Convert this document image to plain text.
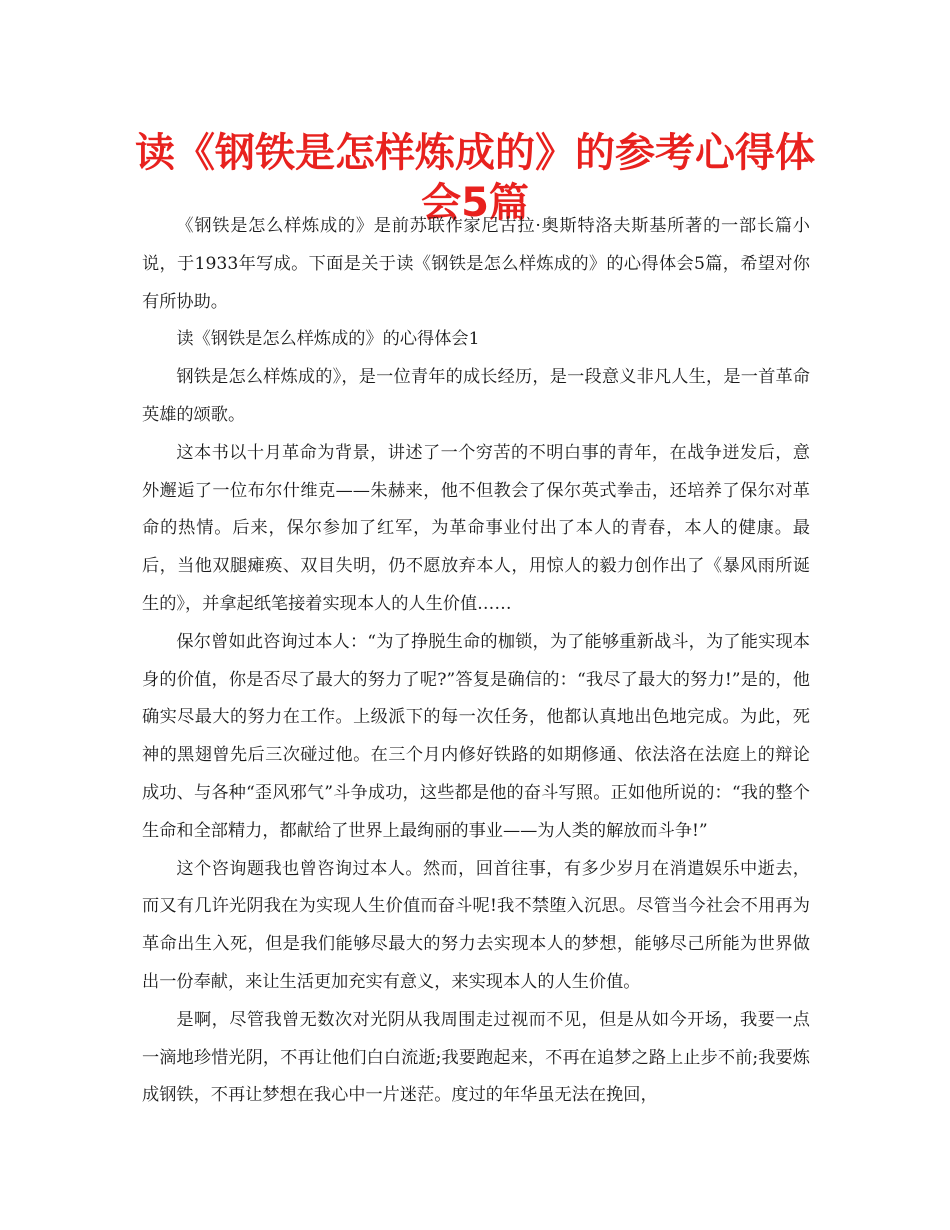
读《钢铁是怎样炼成的》的参考心得体会5篇

《钢铁是怎么样炼成的》是前苏联作家尼古拉·奥斯特洛夫斯基所著的一部长篇小说，于1933年写成。下面是关于读《钢铁是怎么样炼成的》的心得体会5篇，希望对你有所协助。

读《钢铁是怎么样炼成的》的心得体会1

钢铁是怎么样炼成的》，是一位青年的成长经历，是一段意义非凡人生，是一首革命英雄的颂歌。

这本书以十月革命为背景，讲述了一个穷苦的不明白事的青年，在战争迸发后，意外邂逅了一位布尔什维克——朱赫来，他不但教会了保尔英式拳击，还培养了保尔对革命的热情。后来，保尔参加了红军，为革命事业付出了本人的青春，本人的健康。最后，当他双腿瘫痪、双目失明，仍不愿放弃本人，用惊人的毅力创作出了《暴风雨所诞生的》，并拿起纸笔接着实现本人的人生价值……

保尔曾如此咨询过本人：“为了挣脱生命的枷锁，为了能够重新战斗，为了能实现本身的价值，你是否尽了最大的努力了呢?”答复是确信的：“我尽了最大的努力!”是的，他确实尽最大的努力在工作。上级派下的每一次任务，他都认真地出色地完成。为此，死神的黑翅曾先后三次碰过他。在三个月内修好铁路的如期修通、依法洛在法庭上的辩论成功、与各种“歪风邪气”斗争成功，这些都是他的奋斗写照。正如他所说的：“我的整个生命和全部精力，都献给了世界上最绚丽的事业——为人类的解放而斗争!”

这个咨询题我也曾咨询过本人。然而，回首往事，有多少岁月在消遣娱乐中逝去，而又有几许光阴我在为实现人生价值而奋斗呢!我不禁堕入沉思。尽管当今社会不用再为革命出生入死，但是我们能够尽最大的努力去实现本人的梦想，能够尽己所能为世界做出一份奉献，来让生活更加充实有意义，来实现本人的人生价值。

是啊，尽管我曾无数次对光阴从我周围走过视而不见，但是从如今开场，我要一点一滴地珍惜光阴，不再让他们白白流逝;我要跑起来，不再在追梦之路上止步不前;我要炼成钢铁，不再让梦想在我心中一片迷茫。度过的年华虽无法在挽回，
